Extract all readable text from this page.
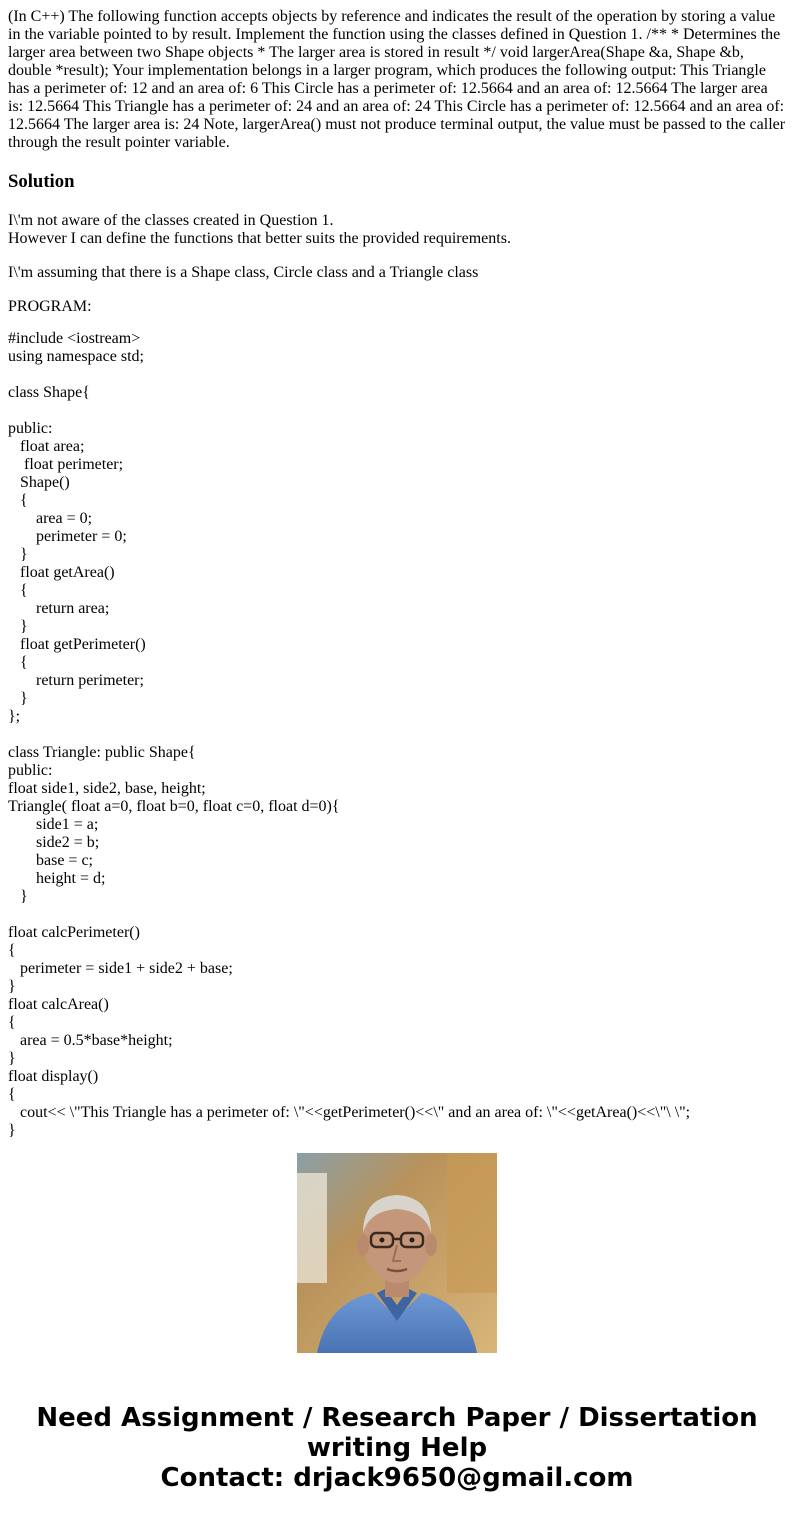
(In C++) The following function accepts objects by reference and indicates the result of the operation by storing a value in the variable pointed to by result. Implement the function using the classes defined in Question 1. /** * Determines the larger area between two Shape objects * The larger area is stored in result */ void largerArea(Shape &a, Shape &b, double *result); Your implementation belongs in a larger program, which produces the following output: This Triangle has a perimeter of: 12 and an area of: 6 This Circle has a perimeter of: 12.5664 and an area of: 12.5664 The larger area is: 12.5664 This Triangle has a perimeter of: 24 and an area of: 24 This Circle has a perimeter of: 12.5664 and an area of: 12.5664 The larger area is: 24 Note, largerArea() must not produce terminal output, the value must be passed to the caller through the result pointer variable.

Solution
I\'m not aware of the classes created in Question 1.
However I can define the functions that better suits the provided requirements.
I\'m assuming that there is a Shape class, Circle class and a Triangle class
PROGRAM:
#include <iostream>
using namespace std;

class Shape{

public:
float area;
float perimeter;
Shape()
{
area = 0;
perimeter = 0;
}
float getArea()
{
return area;
}
float getPerimeter()
{
return perimeter;
}
};

class Triangle: public Shape{
public:
float side1, side2, base, height;
Triangle( float a=0, float b=0, float c=0, float d=0){
side1 = a;
side2 = b;
base = c;
height = d;
}

float calcPerimeter()
{
perimeter = side1 + side2 + base;
}
float calcArea()
{
area = 0.5*base*height;
}
float display()
{
cout<< \"This Triangle has a perimeter of: \"<<getPerimeter()<<\" and an area of: \"<<getArea()<<\"\ \";
}
Need Assignment / Research Paper / Dissertation
writing Help
Contact: drjack9650@gmail.com
